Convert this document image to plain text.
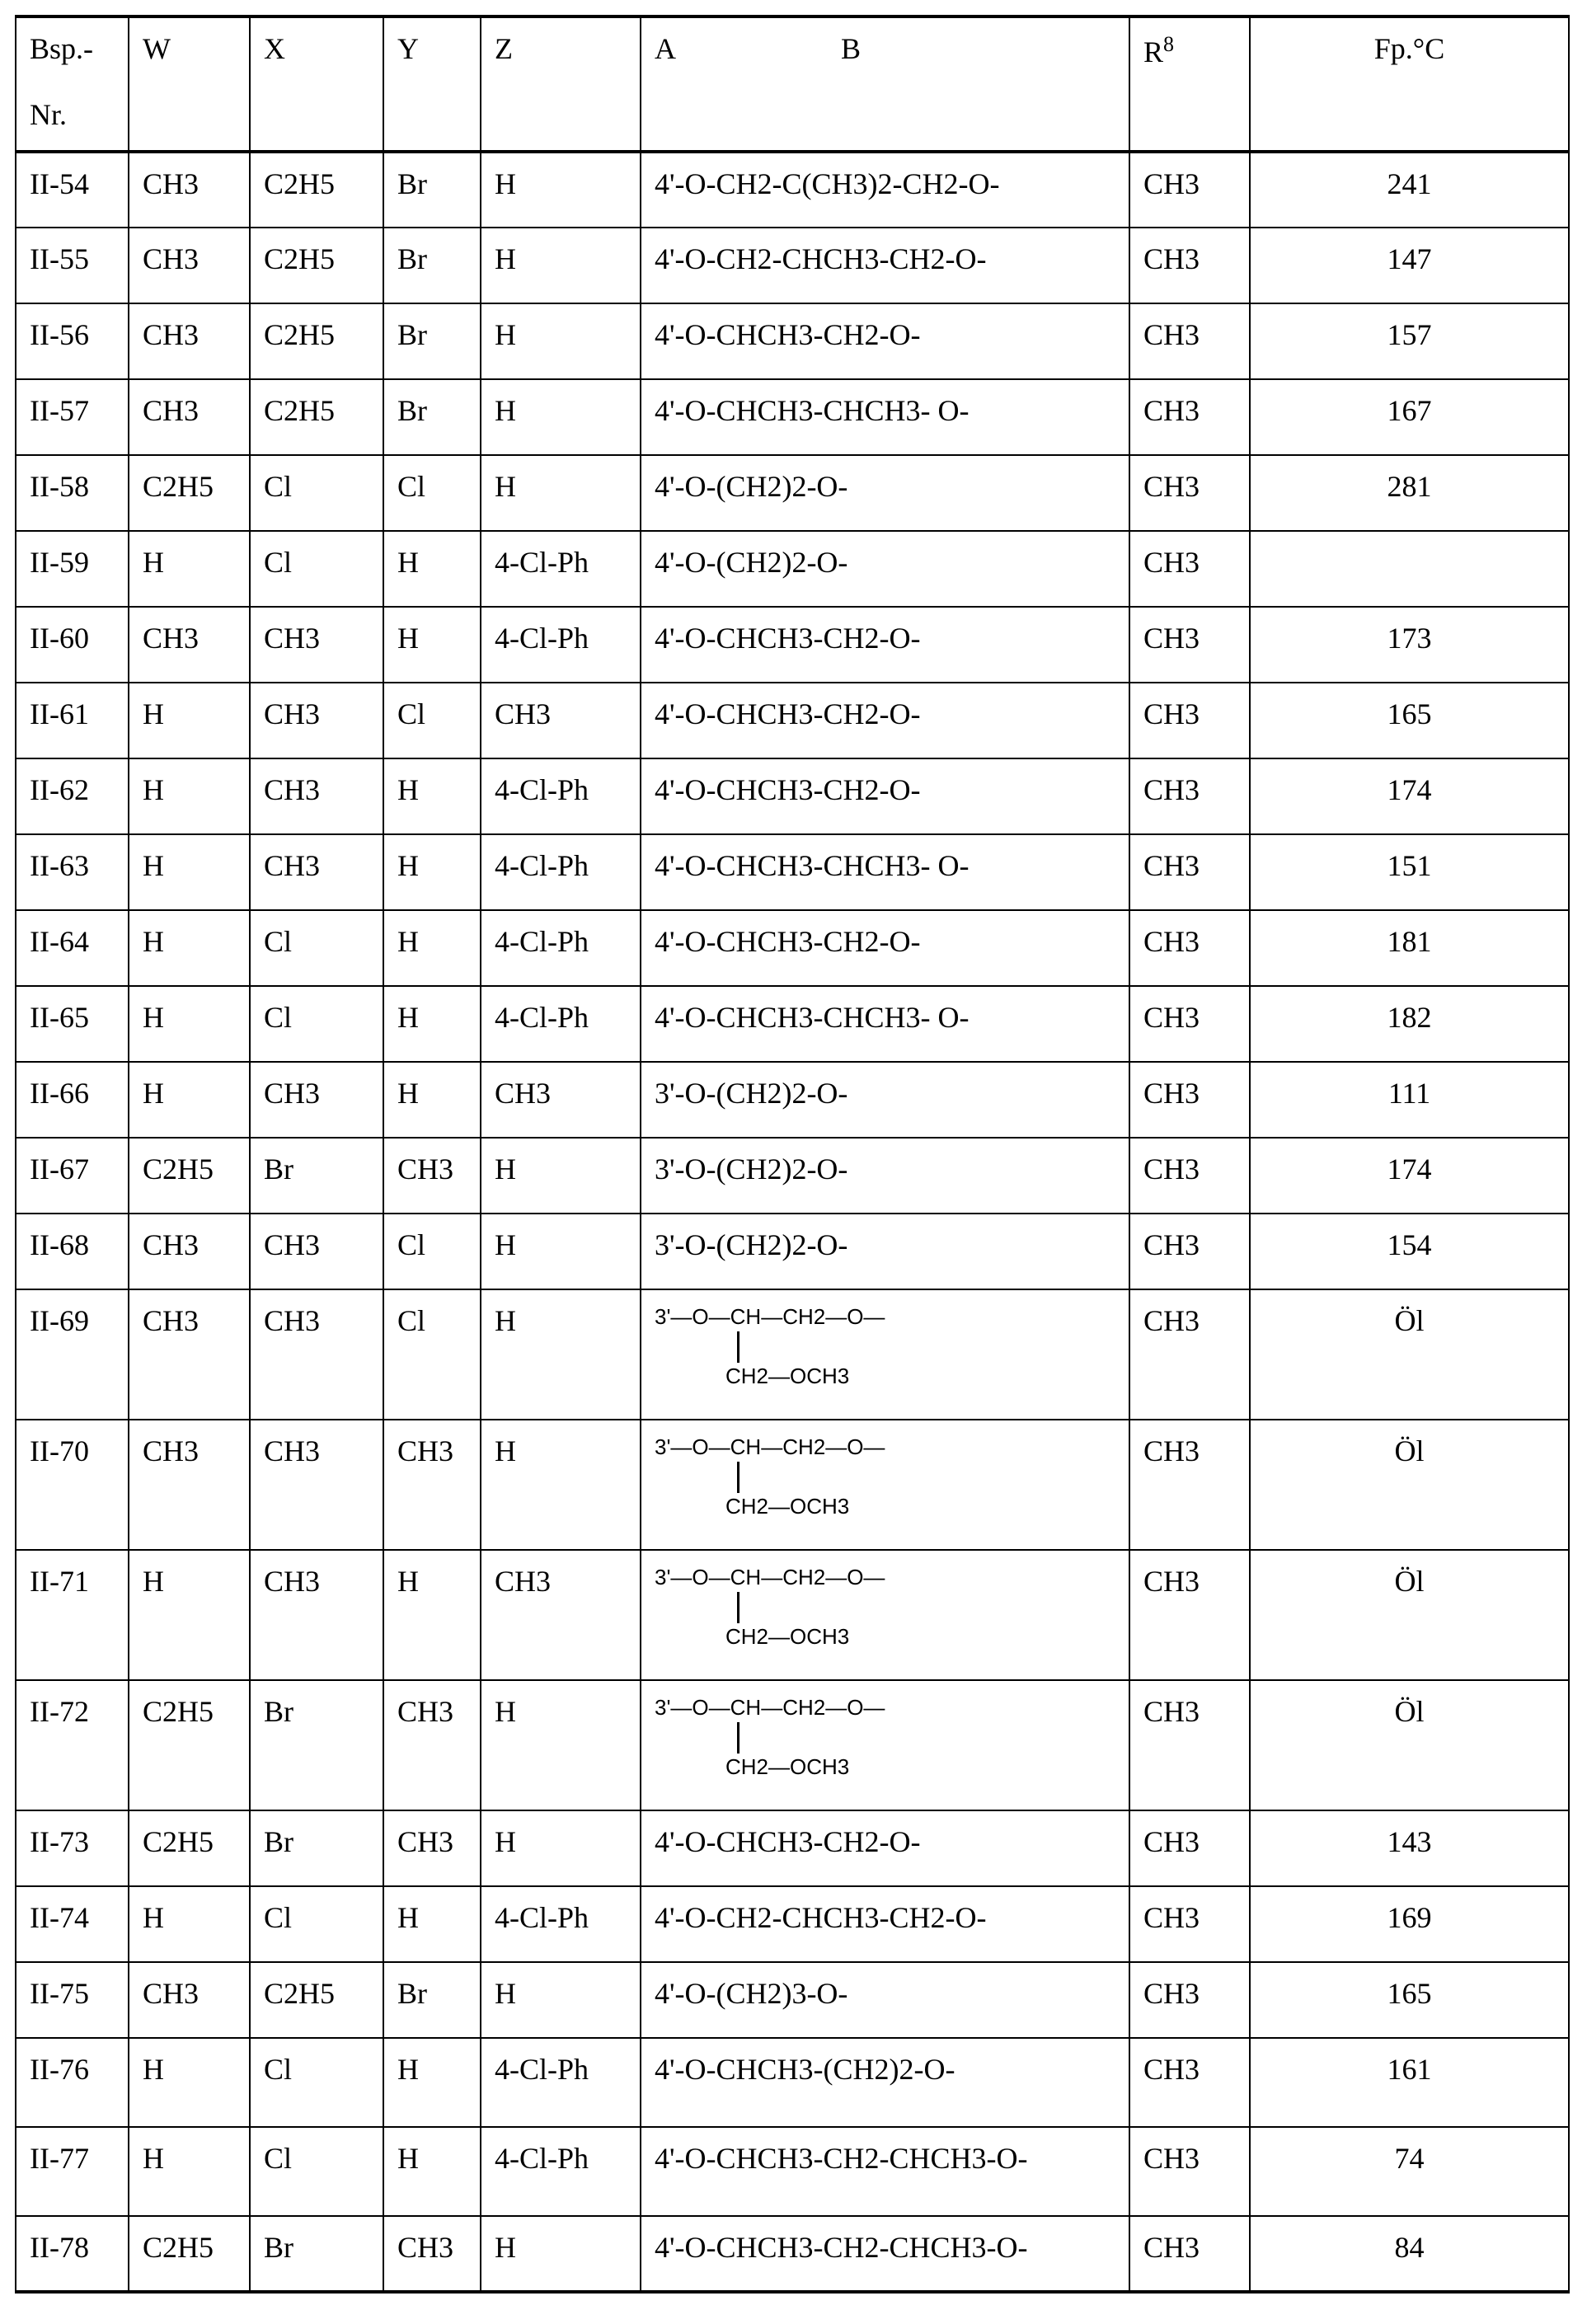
Bsp.-
Nr.
	W	X	Y	Z	A	B	R8	Fp.°C
II-54	CH3	C2H5	Br	H	4'-O-CH2-C(CH3)2-CH2-O-	CH3	241
II-55	CH3	C2H5	Br	H	4'-O-CH2-CHCH3-CH2-O-	CH3	147
II-56	CH3	C2H5	Br	H	4'-O-CHCH3-CH2-O-	CH3	157
II-57	CH3	C2H5	Br	H	4'-O-CHCH3-CHCH3- O-	CH3	167
II-58	C2H5	Cl	Cl	H	4'-O-(CH2)2-O-	CH3	281
II-59	H	Cl	H	4-Cl-Ph	4'-O-(CH2)2-O-	CH3	
II-60	CH3	CH3	H	4-Cl-Ph	4'-O-CHCH3-CH2-O-	CH3	173
II-61	H	CH3	Cl	CH3	4'-O-CHCH3-CH2-O-	CH3	165
II-62	H	CH3	H	4-Cl-Ph	4'-O-CHCH3-CH2-O-	CH3	174
II-63	H	CH3	H	4-Cl-Ph	4'-O-CHCH3-CHCH3- O-	CH3	151
II-64	H	Cl	H	4-Cl-Ph	4'-O-CHCH3-CH2-O-	CH3	181
II-65	H	Cl	H	4-Cl-Ph	4'-O-CHCH3-CHCH3- O-	CH3	182
II-66	H	CH3	H	CH3	3'-O-(CH2)2-O-	CH3	111
II-67	C2H5	Br	CH3	H	3'-O-(CH2)2-O-	CH3	174
II-68	CH3	CH3	Cl	H	3'-O-(CH2)2-O-	CH3	154
II-69	CH3	CH3	Cl	H	3'—O—CH—CH2—O—
CH2—OCH3
	CH3	Öl
II-70	CH3	CH3	CH3	H	3'—O—CH—CH2—O—
CH2—OCH3
	CH3	Öl
II-71	H	CH3	H	CH3	3'—O—CH—CH2—O—
CH2—OCH3
	CH3	Öl
II-72	C2H5	Br	CH3	H	3'—O—CH—CH2—O—
CH2—OCH3
	CH3	Öl
II-73	C2H5	Br	CH3	H	4'-O-CHCH3-CH2-O-	CH3	143
II-74	H	Cl	H	4-Cl-Ph	4'-O-CH2-CHCH3-CH2-O-	CH3	169
II-75	CH3	C2H5	Br	H	4'-O-(CH2)3-O-	CH3	165
II-76	H	Cl	H	4-Cl-Ph	4'-O-CHCH3-(CH2)2-O-	CH3	161
II-77	H	Cl	H	4-Cl-Ph	4'-O-CHCH3-CH2-CHCH3-O-	CH3	74
II-78	C2H5	Br	CH3	H	4'-O-CHCH3-CH2-CHCH3-O-	CH3	84
